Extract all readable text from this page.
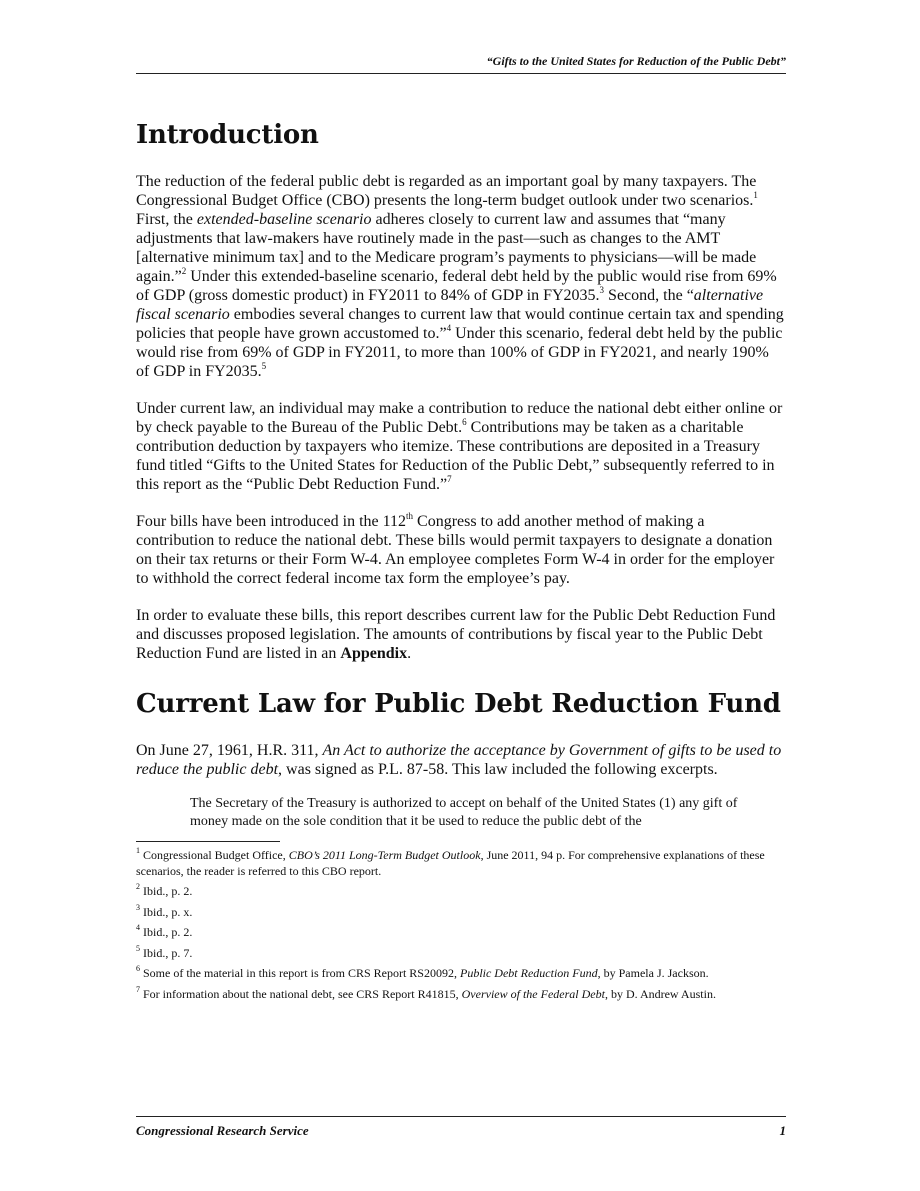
“Gifts to the United States for Reduction of the Public Debt”
Introduction

The reduction of the federal public debt is regarded as an important goal by many taxpayers. The Congressional Budget Office (CBO) presents the long-term budget outlook under two scenarios.$^1$ First, the extended-baseline scenario adheres closely to current law and assumes that “many adjustments that law-makers have routinely made in the past—such as changes to the AMT [alternative minimum tax] and to the Medicare program’s payments to physicians—will be made again.”$^2$ Under this extended-baseline scenario, federal debt held by the public would rise from 69% of GDP (gross domestic product) in FY2011 to 84% of GDP in FY2035.$^3$ Second, the “alternative fiscal scenario embodies several changes to current law that would continue certain tax and spending policies that people have grown accustomed to.”$^4$ Under this scenario, federal debt held by the public would rise from 69% of GDP in FY2011, to more than 100% of GDP in FY2021, and nearly 190% of GDP in FY2035.$^5$

Under current law, an individual may make a contribution to reduce the national debt either online or by check payable to the Bureau of the Public Debt.$^6$ Contributions may be taken as a charitable contribution deduction by taxpayers who itemize. These contributions are deposited in a Treasury fund titled “Gifts to the United States for Reduction of the Public Debt,” subsequently referred to in this report as the “Public Debt Reduction Fund.”$^7$

Four bills have been introduced in the 112th Congress to add another method of making a contribution to reduce the national debt. These bills would permit taxpayers to designate a donation on their tax returns or their Form W-4. An employee completes Form W-4 in order for the employer to withhold the correct federal income tax form the employee’s pay.

In order to evaluate these bills, this report describes current law for the Public Debt Reduction Fund and discusses proposed legislation. The amounts of contributions by fiscal year to the Public Debt Reduction Fund are listed in an Appendix.

Current Law for Public Debt Reduction Fund

On June 27, 1961, H.R. 311, An Act to authorize the acceptance by Government of gifts to be used to reduce the public debt, was signed as P.L. 87-58. This law included the following excerpts.

The Secretary of the Treasury is authorized to accept on behalf of the United States (1) any gift of money made on the sole condition that it be used to reduce the public debt of the
$^1$ Congressional Budget Office, CBO’s 2011 Long-Term Budget Outlook, June 2011, 94 p. For comprehensive explanations of these scenarios, the reader is referred to this CBO report.
$^2$ Ibid., p. 2.
$^3$ Ibid., p. x.
$^4$ Ibid., p. 2.
$^5$ Ibid., p. 7.
$^6$ Some of the material in this report is from CRS Report RS20092, Public Debt Reduction Fund, by Pamela J. Jackson.
$^7$ For information about the national debt, see CRS Report R41815, Overview of the Federal Debt, by D. Andrew Austin.
Congressional Research Service	1
